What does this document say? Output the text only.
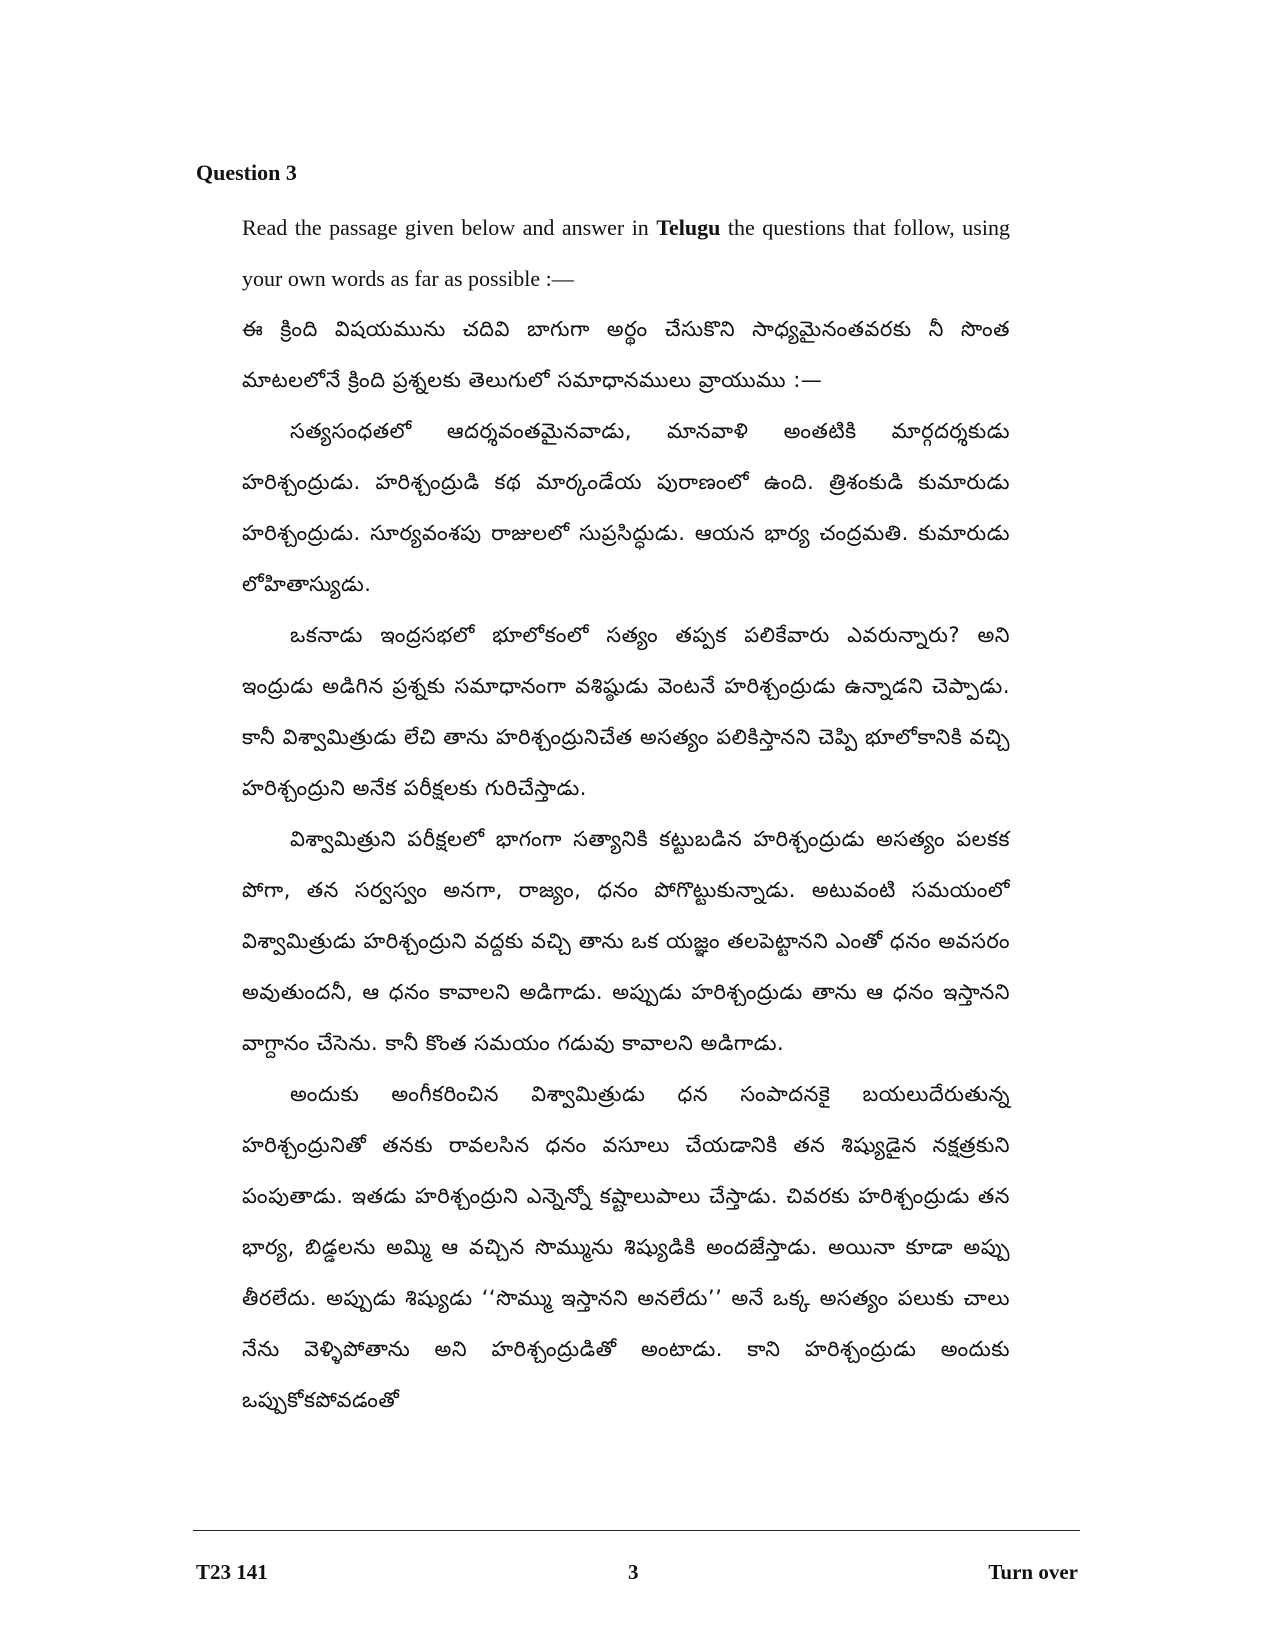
Question 3

Read the passage given below and answer in Telugu the questions that follow, using your own words as far as possible :—

ఈ క్రింది విషయమును చదివి బాగుగా అర్థం చేసుకొని సాధ్యమైనంతవరకు నీ సొంత మాటలలోనే క్రింది ప్రశ్నలకు తెలుగులో సమాధానములు వ్రాయుము :—

సత్యసంధతలో ఆదర్శవంతమైనవాడు, మానవాళి అంతటికి మార్గదర్శకుడు హరిశ్చంద్రుడు. హరిశ్చంద్రుడి కథ మార్కండేయ పురాణంలో ఉంది. త్రిశంకుడి కుమారుడు హరిశ్చంద్రుడు. సూర్యవంశపు రాజులలో సుప్రసిద్ధుడు. ఆయన భార్య చంద్రమతి. కుమారుడు లోహితాస్యుడు.

ఒకనాడు ఇంద్రసభలో భూలోకంలో సత్యం తప్పక పలికేవారు ఎవరున్నారు? అని ఇంద్రుడు అడిగిన ప్రశ్నకు సమాధానంగా వశిష్ఠుడు వెంటనే హరిశ్చంద్రుడు ఉన్నాడని చెప్పాడు. కానీ విశ్వామిత్రుడు లేచి తాను హరిశ్చంద్రునిచేత అసత్యం పలికిస్తానని చెప్పి భూలోకానికి వచ్చి హరిశ్చంద్రుని అనేక పరీక్షలకు గురిచేస్తాడు.

విశ్వామిత్రుని పరీక్షలలో భాగంగా సత్యానికి కట్టుబడిన హరిశ్చంద్రుడు అసత్యం పలకక పోగా, తన సర్వస్వం అనగా, రాజ్యం, ధనం పోగొట్టుకున్నాడు. అటువంటి సమయంలో విశ్వామిత్రుడు హరిశ్చంద్రుని వద్దకు వచ్చి తాను ఒక యజ్ఞం తలపెట్టానని ఎంతో ధనం అవసరం అవుతుందనీ, ఆ ధనం కావాలని అడిగాడు. అప్పుడు హరిశ్చంద్రుడు తాను ఆ ధనం ఇస్తానని వాగ్దానం చేసెను. కానీ కొంత సమయం గడువు కావాలని అడిగాడు.

అందుకు అంగీకరించిన విశ్వామిత్రుడు ధన సంపాదనకై బయలుదేరుతున్న హరిశ్చంద్రునితో తనకు రావలసిన ధనం వసూలు చేయడానికి తన శిష్యుడైన నక్షత్రకుని పంపుతాడు. ఇతడు హరిశ్చంద్రుని ఎన్నెన్నో కష్టాలుపాలు చేస్తాడు. చివరకు హరిశ్చంద్రుడు తన భార్య, బిడ్డలను అమ్మి ఆ వచ్చిన సొమ్మును శిష్యుడికి అందజేస్తాడు. అయినా కూడా అప్పు తీరలేదు. అప్పుడు శిష్యుడు ‘‘సొమ్ము ఇస్తానని అనలేదు’’ అనే ఒక్క అసత్యం పలుకు చాలు నేను వెళ్ళిపోతాను అని హరిశ్చంద్రుడితో అంటాడు. కాని హరిశ్చంద్రుడు అందుకు ఒప్పుకోకపోవడంతో

T23 141	3	Turn over
